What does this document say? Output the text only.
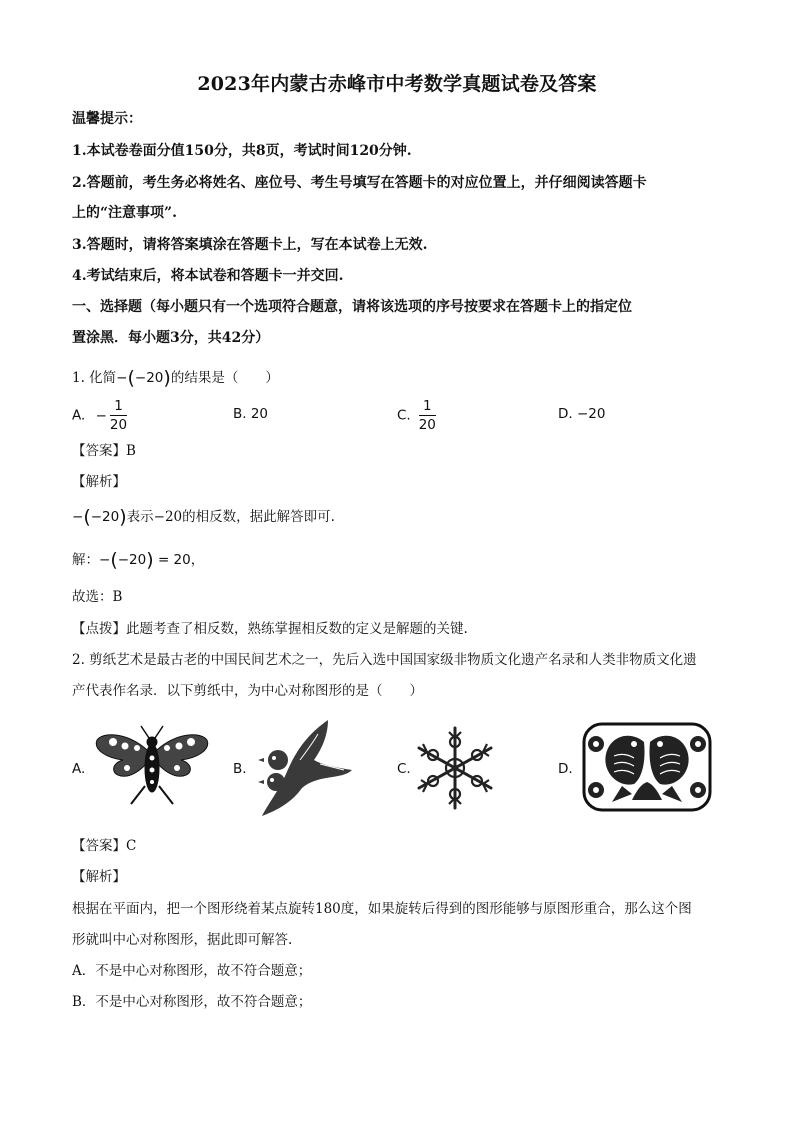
2023年内蒙古赤峰市中考数学真题试卷及答案
温馨提示：
1.本试卷卷面分值150分，共8页，考试时间120分钟.
2.答题前，考生务必将姓名、座位号、考生号填写在答题卡的对应位置上，并仔细阅读答题卡
上的“注意事项”.
3.答题时，请将答案填涂在答题卡上，写在本试卷上无效.
4.考试结束后，将本试卷和答题卡一并交回.
一、选择题（每小题只有一个选项符合题意，请将该选项的序号按要求在答题卡上的指定位
置涂黑．每小题3分，共42分）
1. 化简−(−20)的结果是（　　）
A. − $\frac{1}{20}$	B. 20	C. $\frac{1}{20}$	D. −20
【答案】B
【解析】
−(−20)表示−20的相反数，据此解答即可.
解：−(−20) = 20，
故选：B
【点拨】此题考查了相反数，熟练掌握相反数的定义是解题的关键.
2. 剪纸艺术是最古老的中国民间艺术之一，先后入选中国国家级非物质文化遗产名录和人类非物质文化遗
产代表作名录．以下剪纸中，为中心对称图形的是（　　）
A.	B.	C.	D.
【答案】C
【解析】
根据在平面内，把一个图形绕着某点旋转180度，如果旋转后得到的图形能够与原图形重合，那么这个图
形就叫中心对称图形，据此即可解答.
A．不是中心对称图形，故不符合题意；
B．不是中心对称图形，故不符合题意；
